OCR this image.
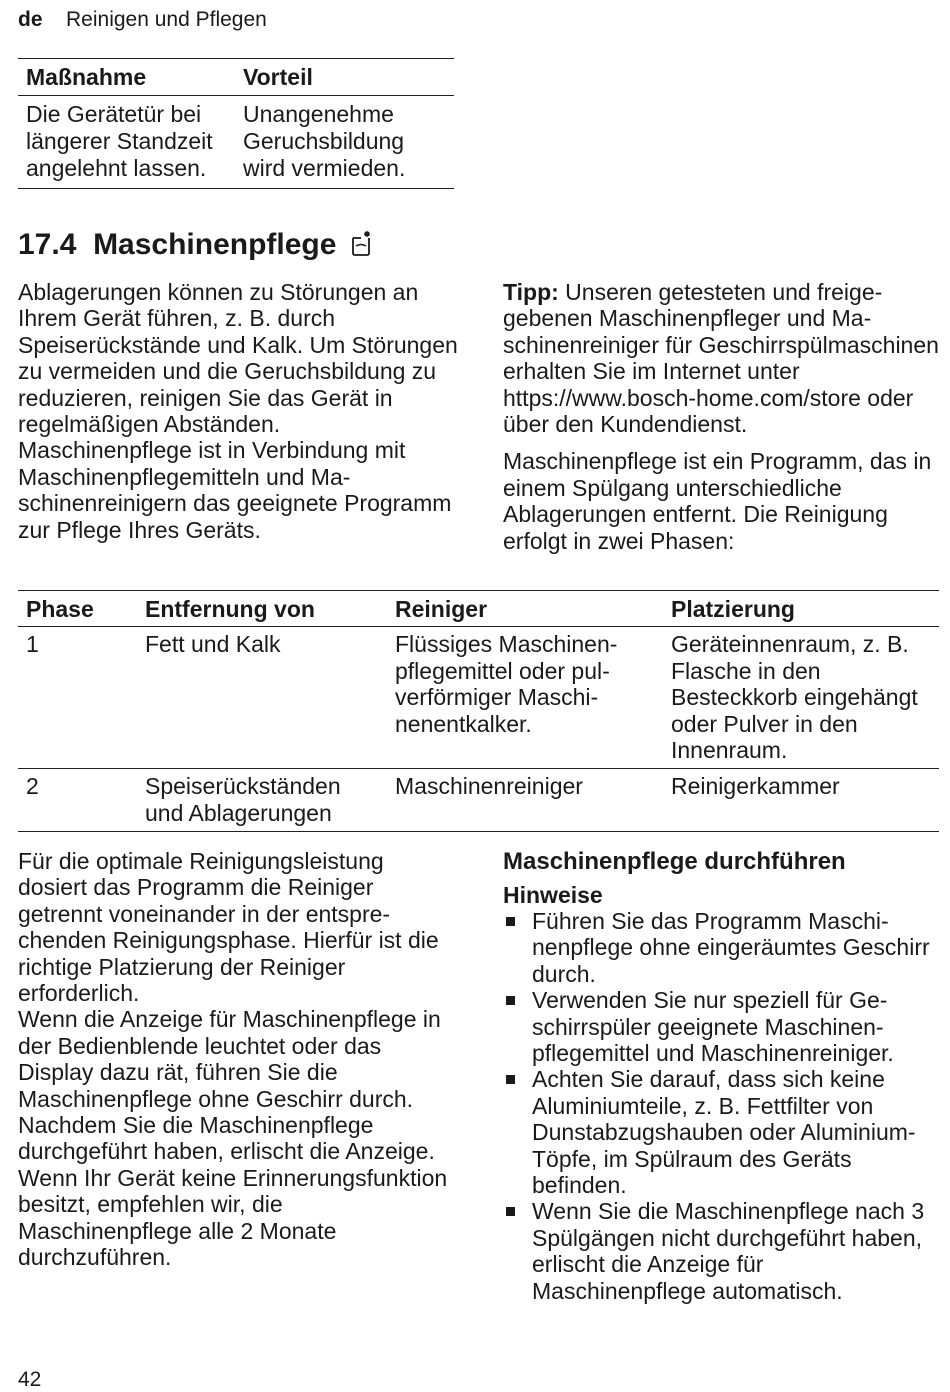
de Reinigen und Pflegen
Maßnahme	Vorteil
Die Gerätetür bei längerer Standzeit angelehnt lassen.	Unangenehme Geruchsbildung wird vermieden.
17.4 Maschinenpflege

Ablagerungen können zu Störungen an Ihrem Gerät führen, z. B. durch Speiserückstände und Kalk. Um Störungen zu vermeiden und die Geruchsbildung zu reduzieren, reinigen Sie das Gerät in regelmäßigen Abständen.

Maschinenpflege ist in Verbindung mit Maschinenpflegemitteln und Maschinenreinigern das geeignete Programm zur Pflege Ihres Geräts.

Tipp: Unseren getesteten und freigegebenen Maschinenpfleger und Maschinenreiniger für Geschirrspülmaschinen erhalten Sie im Internet unter https://www.bosch-home.com/store oder über den Kundendienst.

Maschinenpflege ist ein Programm, das in einem Spülgang unterschiedliche Ablagerungen entfernt. Die Reinigung erfolgt in zwei Phasen:

Phase	Entfernung von	Reiniger	Platzierung
1	Fett und Kalk	Flüssiges Maschinenpflegemittel oder pulverförmiger Maschinenentkalker.	Geräteinnenraum, z. B. Flasche in den Besteckkorb eingehängt oder Pulver in den Innenraum.
2	Speiserückständen und Ablagerungen	Maschinenreiniger	Reinigerkammer

Für die optimale Reinigungsleistung dosiert das Programm die Reiniger getrennt voneinander in der entsprechenden Reinigungsphase. Hierfür ist die richtige Platzierung der Reiniger erforderlich.

Wenn die Anzeige für Maschinenpflege in der Bedienblende leuchtet oder das Display dazu rät, führen Sie die Maschinenpflege ohne Geschirr durch. Nachdem Sie die Maschinenpflege durchgeführt haben, erlischt die Anzeige. Wenn Ihr Gerät keine Erinnerungsfunktion besitzt, empfehlen wir, die Maschinenpflege alle 2 Monate durchzuführen.

Maschinenpflege durchführen
Hinweise
Führen Sie das Programm Maschinenpflege ohne eingeräumtes Geschirr durch.
Verwenden Sie nur speziell für Geschirrspüler geeignete Maschinenpflegemittel und Maschinenreiniger.
Achten Sie darauf, dass sich keine Aluminiumteile, z. B. Fettfilter von Dunstabzugshauben oder Aluminium-Töpfe, im Spülraum des Geräts befinden.
Wenn Sie die Maschinenpflege nach 3 Spülgängen nicht durchgeführt haben, erlischt die Anzeige für Maschinenpflege automatisch.
42
